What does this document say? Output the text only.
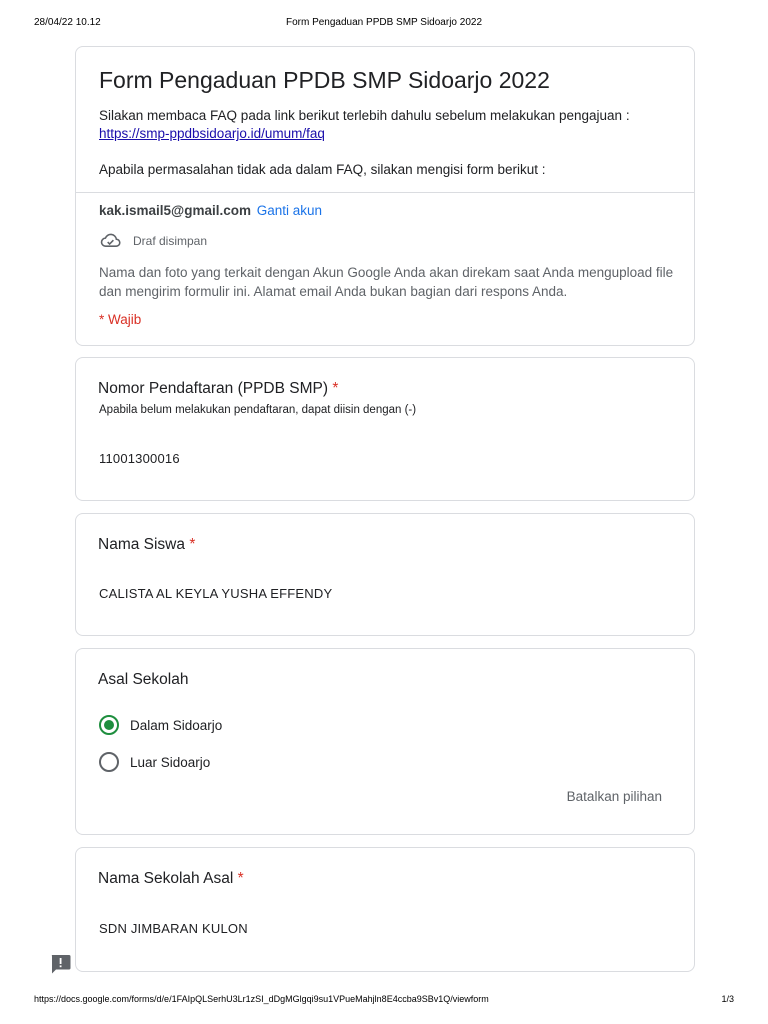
28/04/22 10.12	Form Pengaduan PPDB SMP Sidoarjo 2022
Form Pengaduan PPDB SMP Sidoarjo 2022
Silakan membaca FAQ pada link berikut terlebih dahulu sebelum melakukan pengajuan :
https://smp-ppdbsidoarjo.id/umum/faq
Apabila permasalahan tidak ada dalam FAQ, silakan mengisi form berikut :
kak.ismail5@gmail.com Ganti akun
Draf disimpan
Nama dan foto yang terkait dengan Akun Google Anda akan direkam saat Anda mengupload file dan mengirim formulir ini. Alamat email Anda bukan bagian dari respons Anda.
* Wajib
Nomor Pendaftaran (PPDB SMP) *
Apabila belum melakukan pendaftaran, dapat diisin dengan (-)
11001300016
Nama Siswa *
CALISTA AL KEYLA YUSHA EFFENDY
Asal Sekolah
Dalam Sidoarjo
Luar Sidoarjo
Batalkan pilihan
Nama Sekolah Asal *
SDN JIMBARAN KULON
https://docs.google.com/forms/d/e/1FAIpQLSerhU3Lr1zSI_dDgMGlgqi9su1VPueMahjln8E4ccba9SBv1Q/viewform	1/3
